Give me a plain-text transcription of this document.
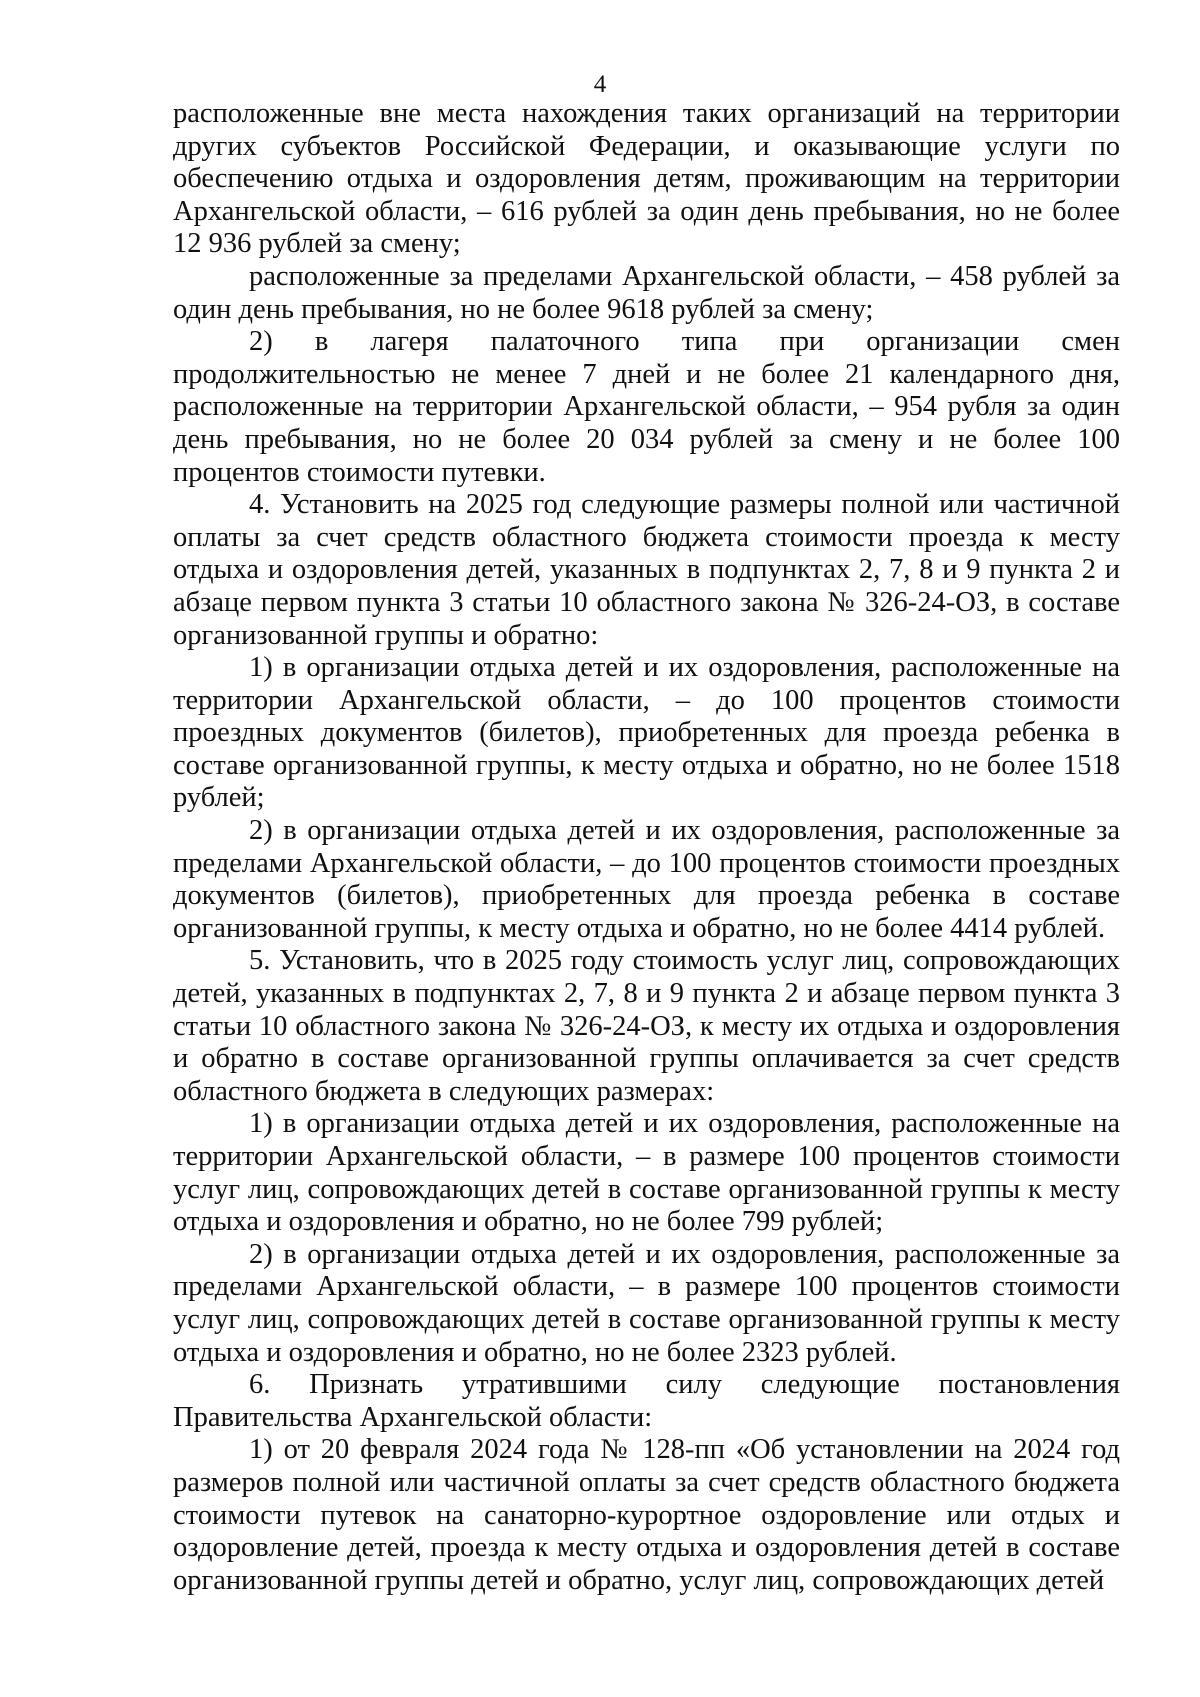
4

расположенные вне места нахождения таких организаций на территории других субъектов Российской Федерации, и оказывающие услуги по обеспечению отдыха и оздоровления детям, проживающим на территории Архангельской области, – 616 рублей за один день пребывания, но не более 12 936 рублей за смену;

расположенные за пределами Архангельской области, – 458 рублей за один день пребывания, но не более 9618 рублей за смену;

2) в лагеря палаточного типа при организации смен продолжительностью не менее 7 дней и не более 21 календарного дня, расположенные на территории Архангельской области, – 954 рубля за один день пребывания, но не более 20 034 рублей за смену и не более 100 процентов стоимости путевки.

4. Установить на 2025 год следующие размеры полной или частичной оплаты за счет средств областного бюджета стоимости проезда к месту отдыха и оздоровления детей, указанных в подпунктах 2, 7, 8 и 9 пункта 2 и абзаце первом пункта 3 статьи 10 областного закона № 326-24-ОЗ, в составе организованной группы и обратно:

1) в организации отдыха детей и их оздоровления, расположенные на территории Архангельской области, – до 100 процентов стоимости проездных документов (билетов), приобретенных для проезда ребенка в составе организованной группы, к месту отдыха и обратно, но не более 1518 рублей;

2) в организации отдыха детей и их оздоровления, расположенные за пределами Архангельской области, – до 100 процентов стоимости проездных документов (билетов), приобретенных для проезда ребенка в составе организованной группы, к месту отдыха и обратно, но не более 4414 рублей.

5. Установить, что в 2025 году стоимость услуг лиц, сопровождающих детей, указанных в подпунктах 2, 7, 8 и 9 пункта 2 и абзаце первом пункта 3 статьи 10 областного закона № 326-24-ОЗ, к месту их отдыха и оздоровления и обратно в составе организованной группы оплачивается за счет средств областного бюджета в следующих размерах:

1) в организации отдыха детей и их оздоровления, расположенные на территории Архангельской области, – в размере 100 процентов стоимости услуг лиц, сопровождающих детей в составе организованной группы к месту отдыха и оздоровления и обратно, но не более 799 рублей;

2) в организации отдыха детей и их оздоровления, расположенные за пределами Архангельской области, – в размере 100 процентов стоимости услуг лиц, сопровождающих детей в составе организованной группы к месту отдыха и оздоровления и обратно, но не более 2323 рублей.

6. Признать утратившими силу следующие постановления Правительства Архангельской области:

1) от 20 февраля 2024 года № 128-пп «Об установлении на 2024 год размеров полной или частичной оплаты за счет средств областного бюджета стоимости путевок на санаторно-курортное оздоровление или отдых и оздоровление детей, проезда к месту отдыха и оздоровления детей в составе организованной группы детей и обратно, услуг лиц, сопровождающих детей
